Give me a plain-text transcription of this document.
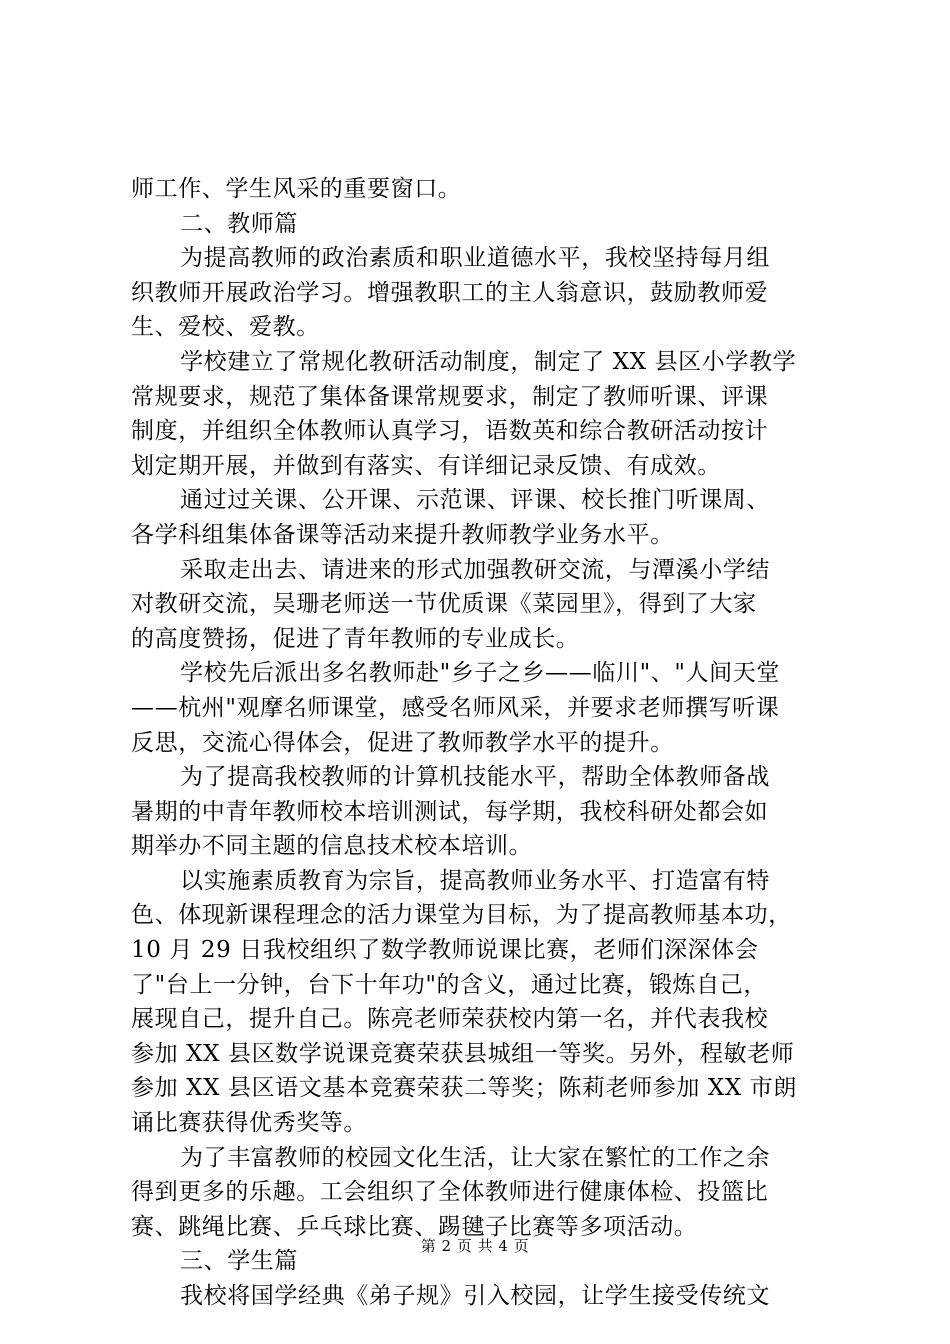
师工作、学生风采的重要窗口。
二、教师篇
为提高教师的政治素质和职业道德水平，我校坚持每月组
织教师开展政治学习。增强教职工的主人翁意识，鼓励教师爱
生、爱校、爱教。
学校建立了常规化教研活动制度，制定了 XX 县区小学教学
常规要求，规范了集体备课常规要求，制定了教师听课、评课
制度，并组织全体教师认真学习，语数英和综合教研活动按计
划定期开展，并做到有落实、有详细记录反馈、有成效。
通过过关课、公开课、示范课、评课、校长推门听课周、
各学科组集体备课等活动来提升教师教学业务水平。
采取走出去、请进来的形式加强教研交流，与潭溪小学结
对教研交流，吴珊老师送一节优质课《菜园里》，得到了大家
的高度赞扬，促进了青年教师的专业成长。
学校先后派出多名教师赴"乡子之乡——临川"、"人间天堂
——杭州"观摩名师课堂，感受名师风采，并要求老师撰写听课
反思，交流心得体会，促进了教师教学水平的提升。
为了提高我校教师的计算机技能水平，帮助全体教师备战
暑期的中青年教师校本培训测试，每学期，我校科研处都会如
期举办不同主题的信息技术校本培训。
以实施素质教育为宗旨，提高教师业务水平、打造富有特
色、体现新课程理念的活力课堂为目标，为了提高教师基本功，
10 月 29 日我校组织了数学教师说课比赛，老师们深深体会
了"台上一分钟，台下十年功"的含义，通过比赛，锻炼自己，
展现自己，提升自己。陈亮老师荣获校内第一名，并代表我校
参加 XX 县区数学说课竞赛荣获县城组一等奖。另外，程敏老师
参加 XX 县区语文基本竞赛荣获二等奖；陈莉老师参加 XX 市朗
诵比赛获得优秀奖等。
为了丰富教师的校园文化生活，让大家在繁忙的工作之余
得到更多的乐趣。工会组织了全体教师进行健康体检、投篮比
赛、跳绳比赛、乒乓球比赛、踢毽子比赛等多项活动。
三、学生篇
我校将国学经典《弟子规》引入校园，让学生接受传统文
第 2 页 共 4 页
